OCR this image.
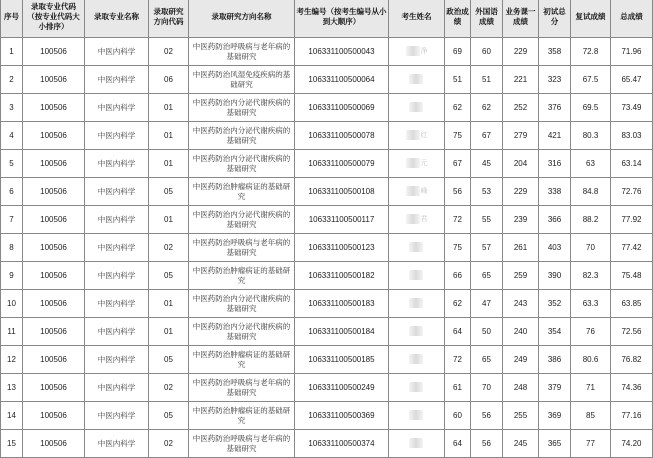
序号	录取专业代码（按专业代码大小排序）	录取专业名称	录取研究方向代码	录取研究方向名称	考生编号（按考生编号从小到大顺序）	考生姓名	政治成绩	外国语成绩	业务课一成绩	初试总分	复试成绩	总成绩
1	100506	中医内科学	02	中医药防治呼吸病与老年病的基础研究	106331100500043	净	69	60	229	358	72.8	71.96
2	100506	中医内科学	06	中医药防治风湿免疫疾病的基础研究	106331100500064		51	51	221	323	67.5	65.47
3	100506	中医内科学	01	中医药防治内分泌代谢疾病的基础研究	106331100500069		62	62	252	376	69.5	73.49
4	100506	中医内科学	01	中医药防治内分泌代谢疾病的基础研究	106331100500078	红	75	67	279	421	80.3	83.03
5	100506	中医内科学	01	中医药防治内分泌代谢疾病的基础研究	106331100500079	元	67	45	204	316	63	63.14
6	100506	中医内科学	05	中医药防治肿瘤病证的基础研究	106331100500108	峰	56	53	229	338	84.8	72.76
7	100506	中医内科学	01	中医药防治内分泌代谢疾病的基础研究	106331100500117	君	72	55	239	366	88.2	77.92
8	100506	中医内科学	02	中医药防治呼吸病与老年病的基础研究	106331100500123		75	57	261	403	70	77.42
9	100506	中医内科学	05	中医药防治肿瘤病证的基础研究	106331100500182		66	65	259	390	82.3	75.48
10	100506	中医内科学	01	中医药防治内分泌代谢疾病的基础研究	106331100500183		62	47	243	352	63.3	63.85
11	100506	中医内科学	01	中医药防治内分泌代谢疾病的基础研究	106331100500184		64	50	240	354	76	72.56
12	100506	中医内科学	05	中医药防治肿瘤病证的基础研究	106331100500185		72	65	249	386	80.6	76.82
13	100506	中医内科学	02	中医药防治呼吸病与老年病的基础研究	106331100500249		61	70	248	379	71	74.36
14	100506	中医内科学	05	中医药防治肿瘤病证的基础研究	106331100500369		60	56	255	369	85	77.16
15	100506	中医内科学	02	中医药防治呼吸病与老年病的基础研究	106331100500374		64	56	245	365	77	74.20
